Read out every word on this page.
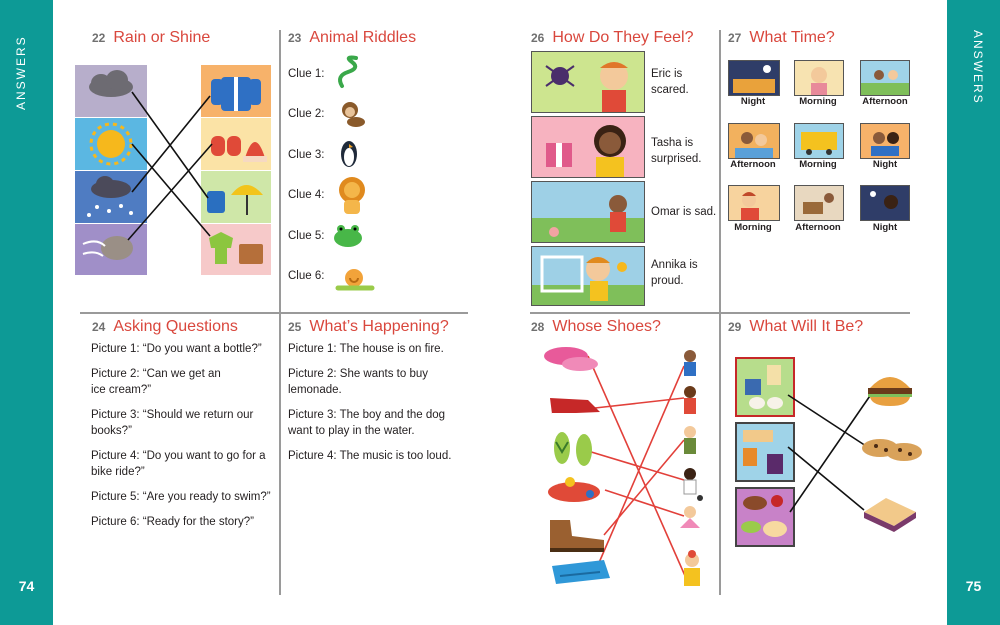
ANSWERS
74
ANSWERS
75
22 Rain or Shine	23 Animal Riddles
Clue 1:
Clue 2:
Clue 3:
Clue 4:
Clue 5:
Clue 6:
24 Asking Questions
Picture 1: “Do you want a bottle?”
Picture 2: “Can we get an ice cream?”
Picture 3: “Should we return our books?”
Picture 4: “Do you want to go for a bike ride?”
Picture 5: “Are you ready to swim?”
Picture 6: “Ready for the story?”
25 What’s Happening?
Picture 1: The house is on fire.
Picture 2: She wants to buy lemonade.
Picture 3: The boy and the dog want to play in the water.
Picture 4: The music is too loud.
26 How Do They Feel?
Eric is scared.
Tasha is surprised.
Omar is sad.
Annika is proud.
27 What Time?
Night	Morning	Afternoon
Afternoon	Morning	Night
Morning	Afternoon	Night
28 Whose Shoes?	29 What Will It Be?
